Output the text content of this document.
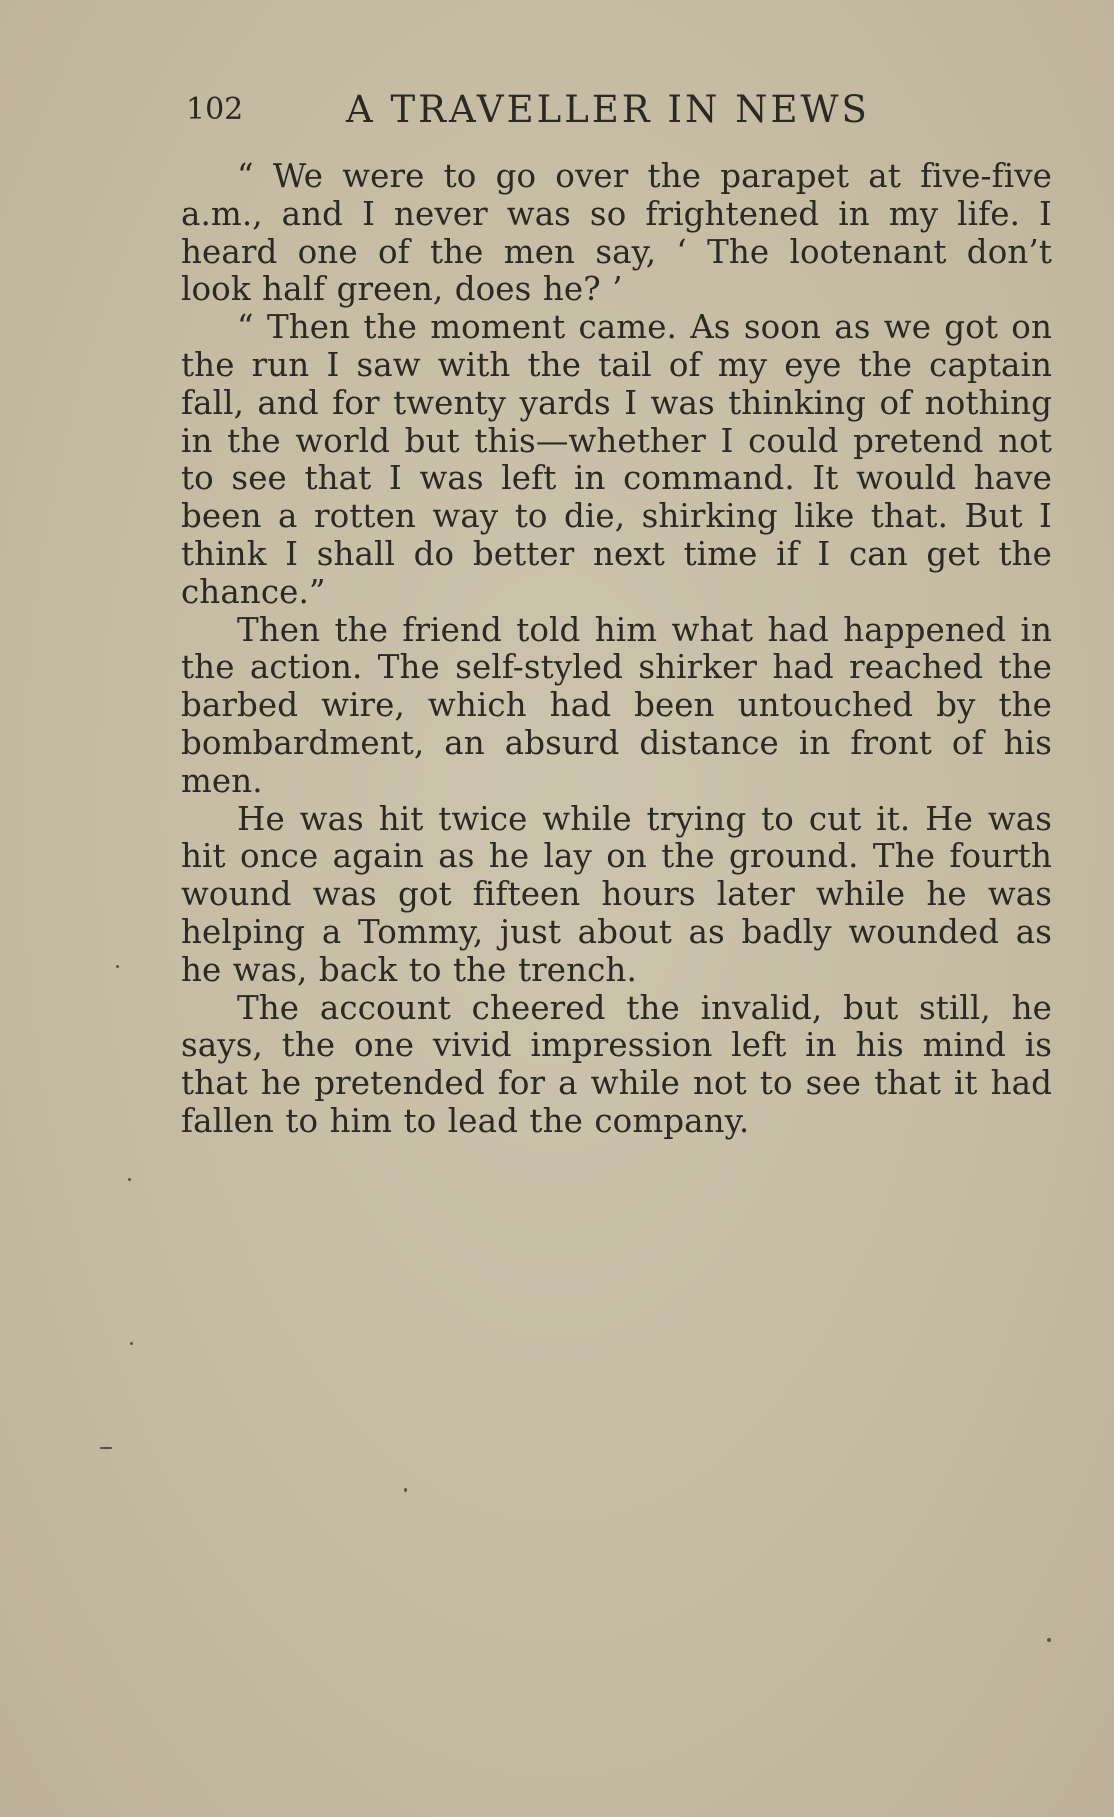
102	A TRAVELLER IN NEWS

“ We were to go over the parapet at five-five a.m., and I never was so frightened in my life. I heard one of the men say, ‘ The lootenant don’t look half green, does he? ’

“ Then the moment came. As soon as we got on the run I saw with the tail of my eye the captain fall, and for twenty yards I was thinking of nothing in the world but this—whether I could pretend not to see that I was left in command. It would have been a rotten way to die, shirking like that. But I think I shall do better next time if I can get the chance.”

Then the friend told him what had happened in the action. The self-styled shirker had reached the barbed wire, which had been untouched by the bombardment, an absurd distance in front of his men.

He was hit twice while trying to cut it. He was hit once again as he lay on the ground. The fourth wound was got fifteen hours later while he was helping a Tommy, just about as badly wounded as he was, back to the trench.

The account cheered the invalid, but still, he says, the one vivid impression left in his mind is that he pretended for a while not to see that it had fallen to him to lead the company.
